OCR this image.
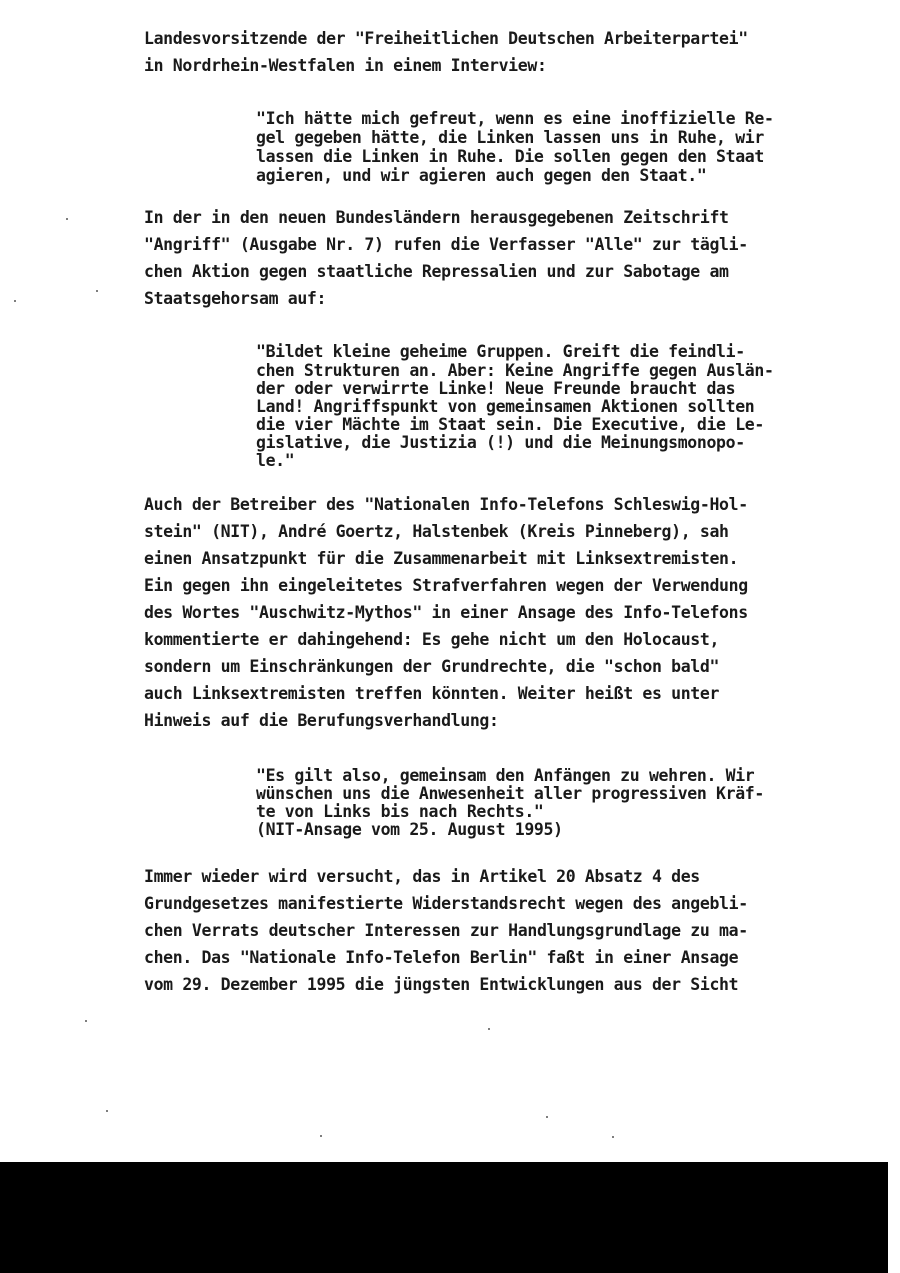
Landesvorsitzende der "Freiheitlichen Deutschen Arbeiterpartei"
in Nordrhein-Westfalen in einem Interview:
"Ich hätte mich gefreut, wenn es eine inoffizielle Re-
gel gegeben hätte, die Linken lassen uns in Ruhe, wir
lassen die Linken in Ruhe. Die sollen gegen den Staat
agieren, und wir agieren auch gegen den Staat."
In der in den neuen Bundesländern herausgegebenen Zeitschrift
"Angriff" (Ausgabe Nr. 7) rufen die Verfasser "Alle" zur tägli-
chen Aktion gegen staatliche Repressalien und zur Sabotage am
Staatsgehorsam auf:
"Bildet kleine geheime Gruppen. Greift die feindli-
chen Strukturen an. Aber: Keine Angriffe gegen Auslän-
der oder verwirrte Linke! Neue Freunde braucht das
Land! Angriffspunkt von gemeinsamen Aktionen sollten
die vier Mächte im Staat sein. Die Executive, die Le-
gislative, die Justizia (!) und die Meinungsmonopo-
le."
Auch der Betreiber des "Nationalen Info-Telefons Schleswig-Hol-
stein" (NIT), André Goertz, Halstenbek (Kreis Pinneberg), sah
einen Ansatzpunkt für die Zusammenarbeit mit Linksextremisten.
Ein gegen ihn eingeleitetes Strafverfahren wegen der Verwendung
des Wortes "Auschwitz-Mythos" in einer Ansage des Info-Telefons
kommentierte er dahingehend: Es gehe nicht um den Holocaust,
sondern um Einschränkungen der Grundrechte, die "schon bald"
auch Linksextremisten treffen könnten. Weiter heißt es unter
Hinweis auf die Berufungsverhandlung:
"Es gilt also, gemeinsam den Anfängen zu wehren. Wir
wünschen uns die Anwesenheit aller progressiven Kräf-
te von Links bis nach Rechts."
(NIT-Ansage vom 25. August 1995)
Immer wieder wird versucht, das in Artikel 20 Absatz 4 des
Grundgesetzes manifestierte Widerstandsrecht wegen des angebli-
chen Verrats deutscher Interessen zur Handlungsgrundlage zu ma-
chen. Das "Nationale Info-Telefon Berlin" faßt in einer Ansage
vom 29. Dezember 1995 die jüngsten Entwicklungen aus der Sicht
